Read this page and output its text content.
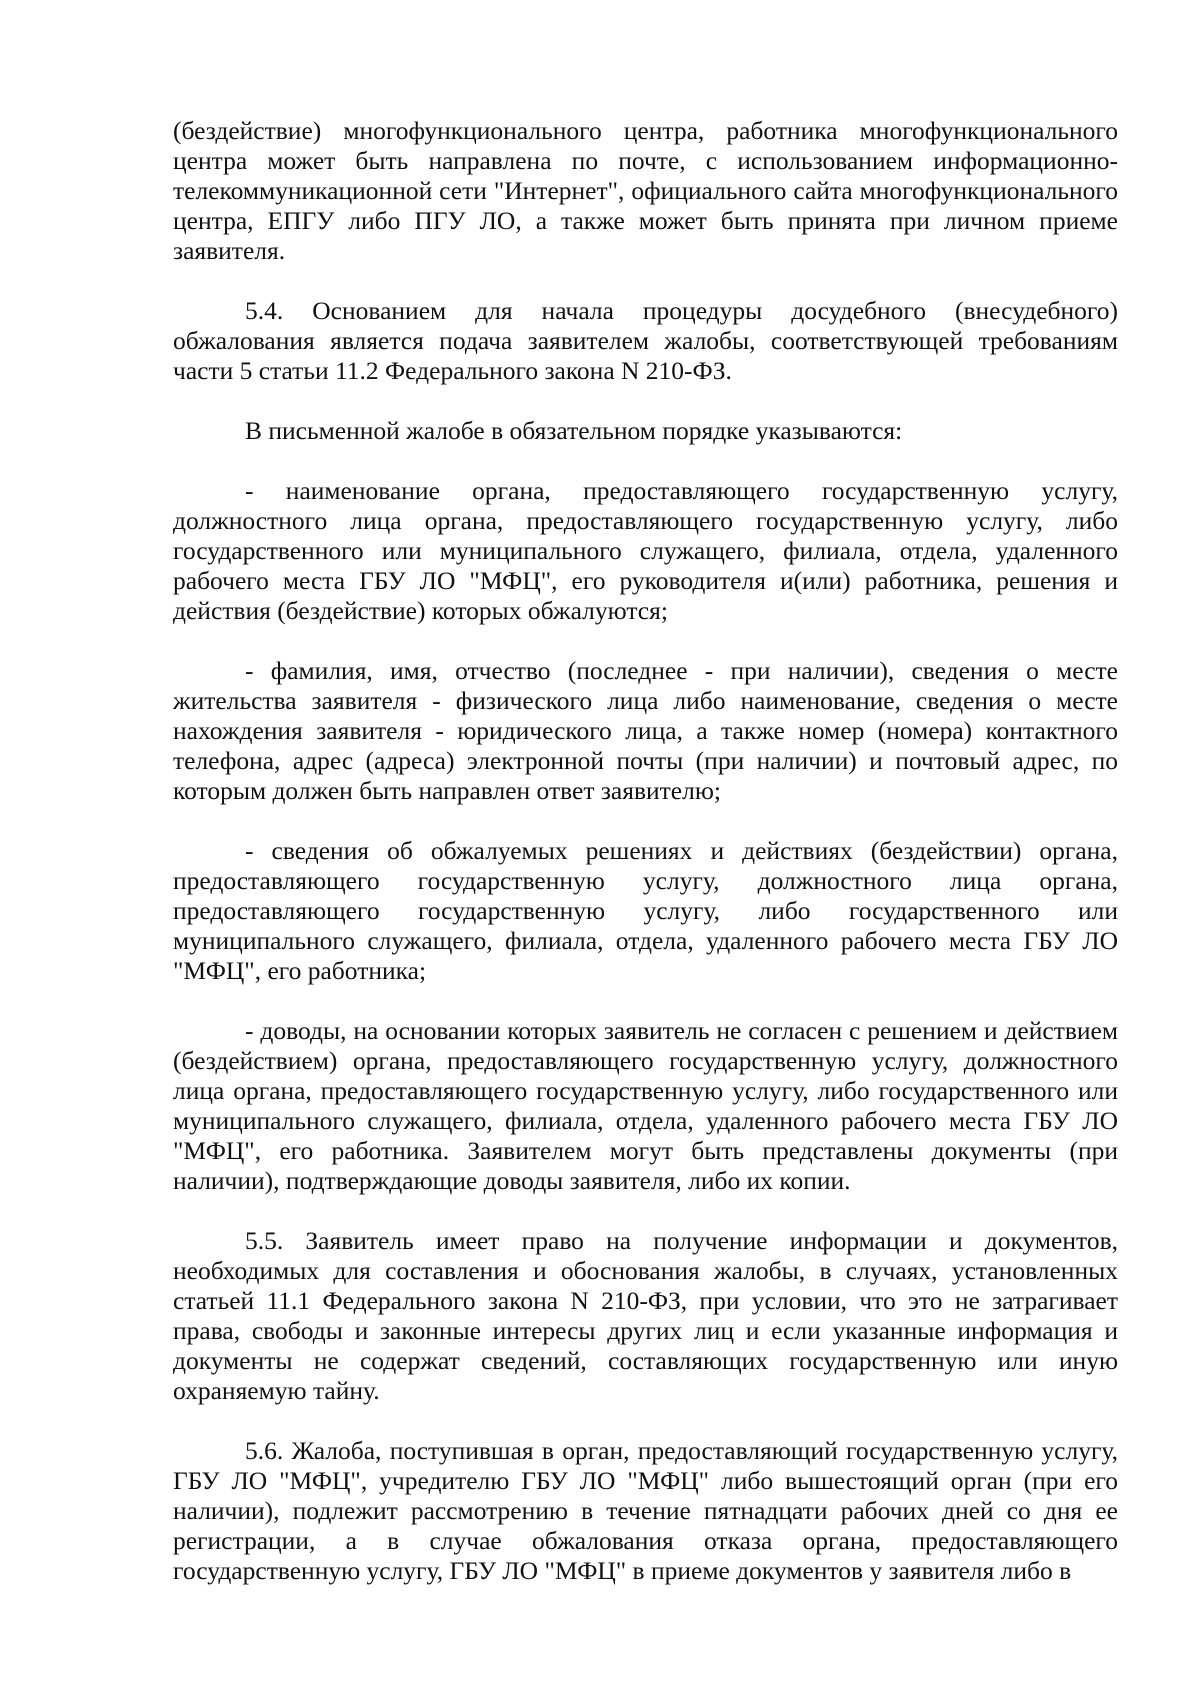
(бездействие) многофункционального центра, работника многофункционального центра может быть направлена по почте, с использованием информационно-телекоммуникационной сети "Интернет", официального сайта многофункционального центра, ЕПГУ либо ПГУ ЛО, а также может быть принята при личном приеме заявителя.

5.4. Основанием для начала процедуры досудебного (внесудебного) обжалования является подача заявителем жалобы, соответствующей требованиям части 5 статьи 11.2 Федерального закона N 210-ФЗ.

В письменной жалобе в обязательном порядке указываются:

- наименование органа, предоставляющего государственную услугу, должностного лица органа, предоставляющего государственную услугу, либо государственного или муниципального служащего, филиала, отдела, удаленного рабочего места ГБУ ЛО "МФЦ", его руководителя и(или) работника, решения и действия (бездействие) которых обжалуются;

- фамилия, имя, отчество (последнее - при наличии), сведения о месте жительства заявителя - физического лица либо наименование, сведения о месте нахождения заявителя - юридического лица, а также номер (номера) контактного телефона, адрес (адреса) электронной почты (при наличии) и почтовый адрес, по которым должен быть направлен ответ заявителю;

- сведения об обжалуемых решениях и действиях (бездействии) органа, предоставляющего государственную услугу, должностного лица органа, предоставляющего государственную услугу, либо государственного или муниципального служащего, филиала, отдела, удаленного рабочего места ГБУ ЛО "МФЦ", его работника;

- доводы, на основании которых заявитель не согласен с решением и действием (бездействием) органа, предоставляющего государственную услугу, должностного лица органа, предоставляющего государственную услугу, либо государственного или муниципального служащего, филиала, отдела, удаленного рабочего места ГБУ ЛО "МФЦ", его работника. Заявителем могут быть представлены документы (при наличии), подтверждающие доводы заявителя, либо их копии.

5.5. Заявитель имеет право на получение информации и документов, необходимых для составления и обоснования жалобы, в случаях, установленных статьей 11.1 Федерального закона N 210-ФЗ, при условии, что это не затрагивает права, свободы и законные интересы других лиц и если указанные информация и документы не содержат сведений, составляющих государственную или иную охраняемую тайну.

5.6. Жалоба, поступившая в орган, предоставляющий государственную услугу, ГБУ ЛО "МФЦ", учредителю ГБУ ЛО "МФЦ" либо вышестоящий орган (при его наличии), подлежит рассмотрению в течение пятнадцати рабочих дней со дня ее регистрации, а в случае обжалования отказа органа, предоставляющего государственную услугу, ГБУ ЛО "МФЦ" в приеме документов у заявителя либо в
